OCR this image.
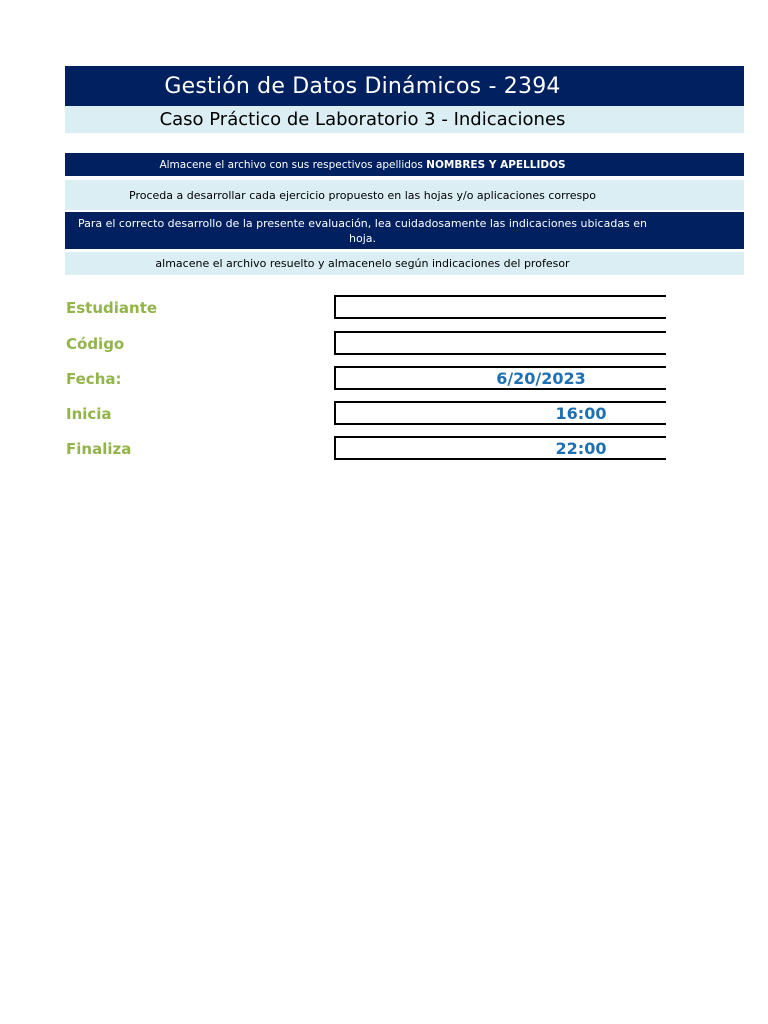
Gestión de Datos Dinámicos - 2394
Caso Práctico de Laboratorio 3 - Indicaciones
Almacene el archivo con sus respectivos apellidos NOMBRES Y APELLIDOS
Proceda a desarrollar cada ejercicio propuesto en las hojas y/o aplicaciones correspo
Para el correcto desarrollo de la presente evaluación, lea cuidadosamente las indicaciones ubicadas en hoja.
almacene el archivo resuelto y almacenelo según indicaciones del profesor
Estudiante
Código
Fecha:	6/20/2023
Inicia	16:00
Finaliza	22:00
